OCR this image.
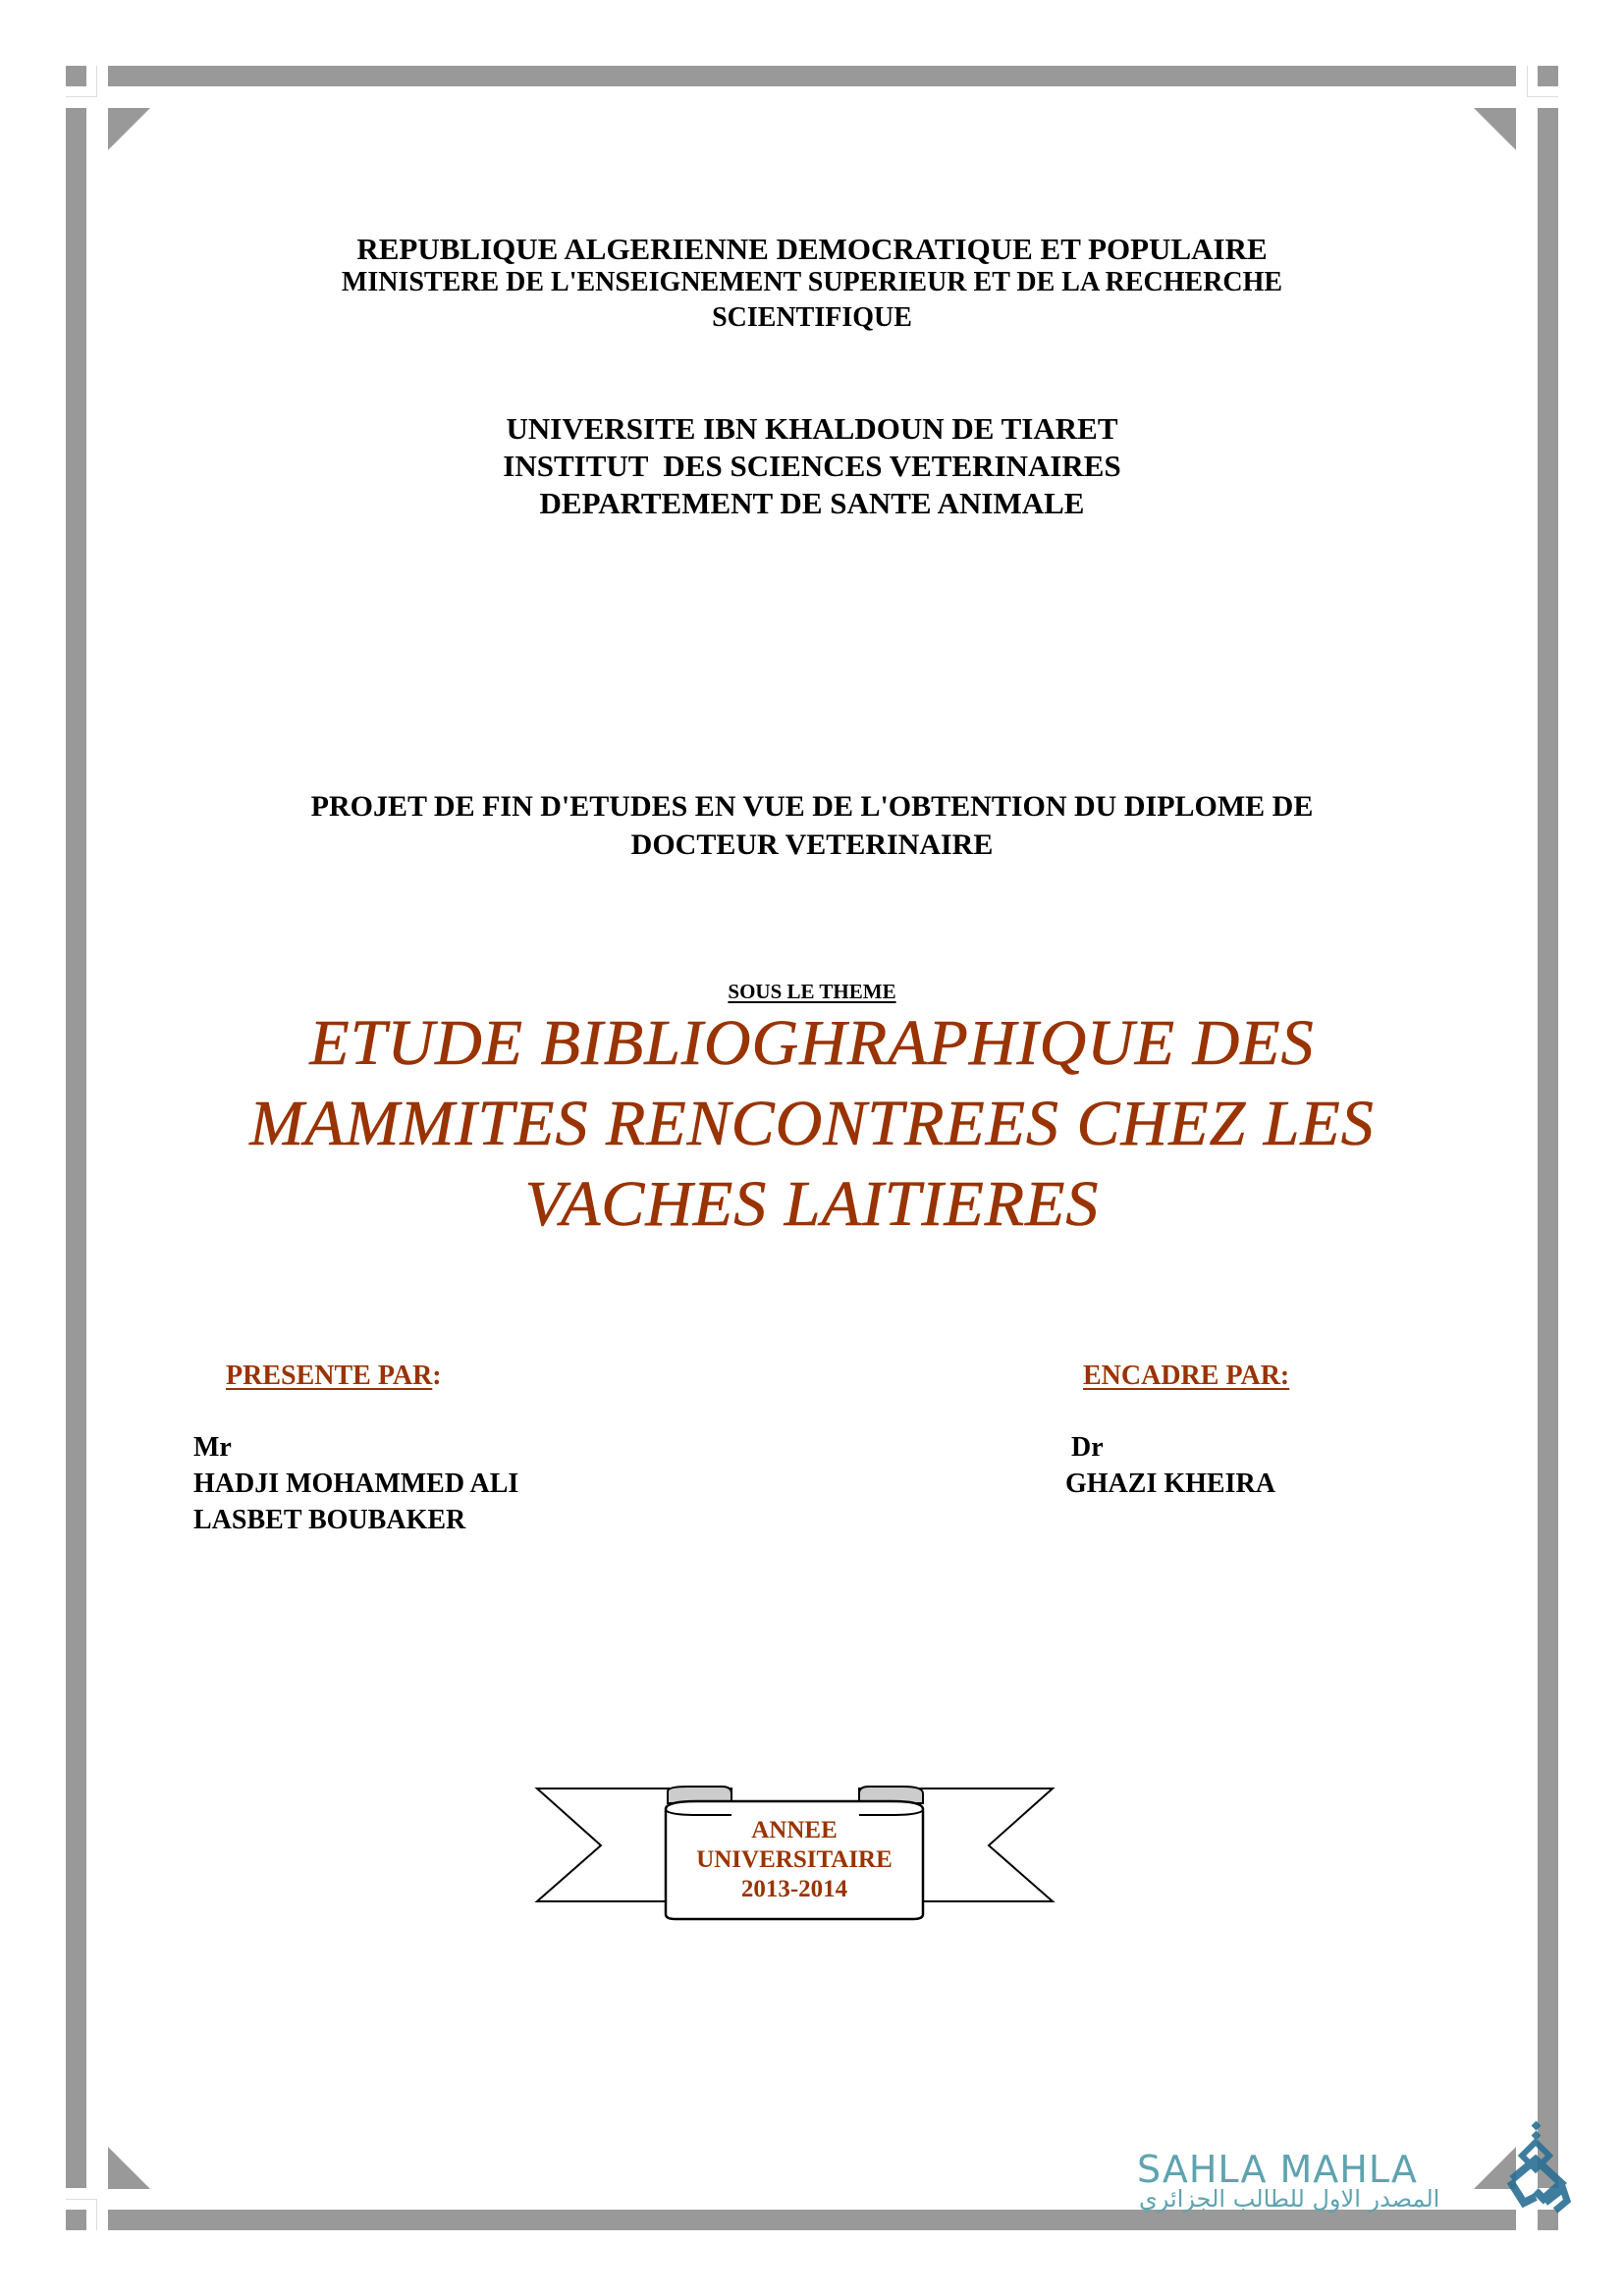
REPUBLIQUE ALGERIENNE DEMOCRATIQUE ET POPULAIRE
MINISTERE DE L'ENSEIGNEMENT SUPERIEUR ET DE LA RECHERCHE
SCIENTIFIQUE
UNIVERSITE IBN KHALDOUN DE TIARET
INSTITUT  DES SCIENCES VETERINAIRES
DEPARTEMENT DE SANTE ANIMALE
PROJET DE FIN D'ETUDES EN VUE DE L'OBTENTION DU DIPLOME DE
DOCTEUR VETERINAIRE
SOUS LE THEME
ETUDE BIBLIOGHRAPHIQUE DES
MAMMITES RENCONTREES CHEZ LES
VACHES LAITIERES
PRESENTE PAR:
Mr
HADJI MOHAMMED ALI
LASBET BOUBAKER
ENCADRE PAR:
Dr
GHAZI KHEIRA
ANNEE
UNIVERSITAIRE
2013-2014
SAHLA MAHLA
المصدر الاول للطالب الجزائري
